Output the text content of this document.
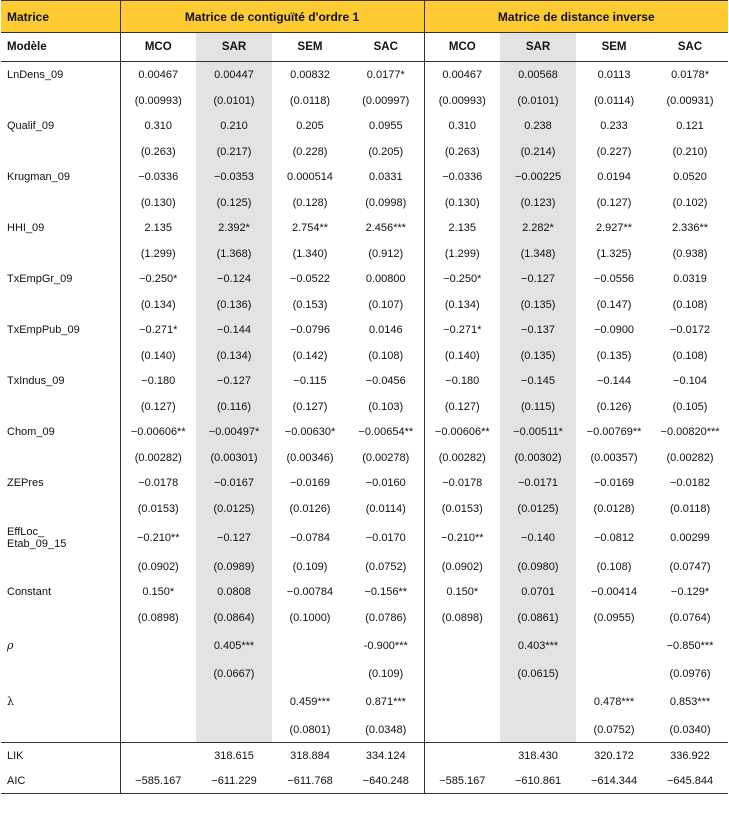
Matrice	Matrice de contiguïté d'ordre 1				Matrice de distance inverse			
Modèle	MCO	SAR	SEM	SAC	MCO	SAR	SEM	SAC
LnDens_09	0.00467	0.00447	0.00832	0.0177*	0.00467	0.00568	0.0113	0.0178*
	(0.00993)	(0.0101)	(0.0118)	(0.00997)	(0.00993)	(0.0101)	(0.0114)	(0.00931)
Qualif_09	0.310	0.210	0.205	0.0955	0.310	0.238	0.233	0.121
	(0.263)	(0.217)	(0.228)	(0.205)	(0.263)	(0.214)	(0.227)	(0.210)
Krugman_09	−0.0336	−0.0353	0.000514	0.0331	−0.0336	−0.00225	0.0194	0.0520
	(0.130)	(0.125)	(0.128)	(0.0998)	(0.130)	(0.123)	(0.127)	(0.102)
HHI_09	2.135	2.392*	2.754**	2.456***	2.135	2.282*	2.927**	2.336**
	(1.299)	(1.368)	(1.340)	(0.912)	(1.299)	(1.348)	(1.325)	(0.938)
TxEmpGr_09	−0.250*	−0.124	−0.0522	0.00800	−0.250*	−0.127	−0.0556	0.0319
	(0.134)	(0.136)	(0.153)	(0.107)	(0.134)	(0.135)	(0.147)	(0.108)
TxEmpPub_09	−0.271*	−0.144	−0.0796	0.0146	−0.271*	−0.137	−0.0900	−0.0172
	(0.140)	(0.134)	(0.142)	(0.108)	(0.140)	(0.135)	(0.135)	(0.108)
TxIndus_09	−0.180	−0.127	−0.115	−0.0456	−0.180	−0.145	−0.144	−0.104
	(0.127)	(0.116)	(0.127)	(0.103)	(0.127)	(0.115)	(0.126)	(0.105)
Chom_09	−0.00606**	−0.00497*	−0.00630*	−0.00654**	−0.00606**	−0.00511*	−0.00769**	−0.00820***
	(0.00282)	(0.00301)	(0.00346)	(0.00278)	(0.00282)	(0.00302)	(0.00357)	(0.00282)
ZEPres	−0.0178	−0.0167	−0.0169	−0.0160	−0.0178	−0.0171	−0.0169	−0.0182
	(0.0153)	(0.0125)	(0.0126)	(0.0114)	(0.0153)	(0.0125)	(0.0128)	(0.0118)
EffLoc_
Etab_09_15	−0.210**	−0.127	−0.0784	−0.0170	−0.210**	−0.140	−0.0812	0.00299
	(0.0902)	(0.0989)	(0.109)	(0.0752)	(0.0902)	(0.0980)	(0.108)	(0.0747)
Constant	0.150*	0.0808	−0.00784	−0.156**	0.150*	0.0701	−0.00414	−0.129*
	(0.0898)	(0.0864)	(0.1000)	(0.0786)	(0.0898)	(0.0861)	(0.0955)	(0.0764)
ρ		0.405***		-0.900***		0.403***		−0.850***
		(0.0667)		(0.109)		(0.0615)		(0.0976)
λ			0.459***	0.871***			0.478***	0.853***
			(0.0801)	(0.0348)			(0.0752)	(0.0340)
LIK		318.615	318.884	334.124		318.430	320.172	336.922
AIC	−585.167	−611.229	−611.768	−640.248	−585.167	−610.861	−614.344	−645.844
